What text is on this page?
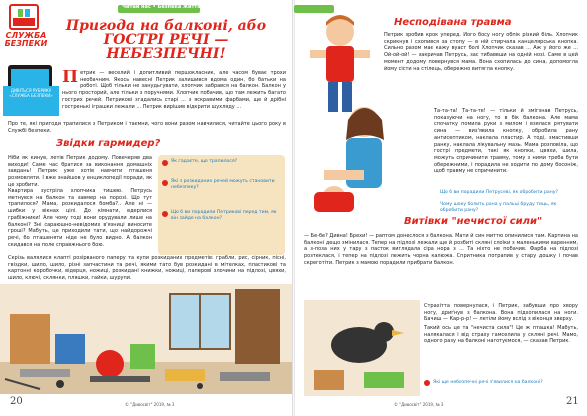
СЛУЖБА БЕЗПЕКИ
Читай нас • Безпека життя дітей на ...
Пригода на балконі, або
ГОСТРІ РЕЧІ — НЕБЕЗПЕЧНІ!
ДИВІТЬСЯ РУБРИКУ «СЛУЖБА БЕЗПЕКИ»
Петрик — веселий і допитливий першокласник, але часом буває трохи необачним. Якось навесні Петрик залишився вдома один, бо батьки на роботі. Щоб тільки не занудьгувати, хлопчик забрався на балкон. Балкон у нього просторий, але тільки з поручнями. Хлопчик побачив, що там лежить багато гострих речей. Петрикові згадались старі ... з яскравими фарбами, ще й дрібні гостренькі іграшки лежали ... Петрик вирішив відкрити шухляду ...
Про те, які пригоди трапилися з Петриком і таємни, чого вони разом навчилися, читайте цього року в Службі безпеки.
Звідки гармидер?
Ніби як кинув, летів Петрик додому. Повечеряв два виходи! Саме час братися за виконання домашніх завдань! Петрик уже хотів навчити пташеня розмовляти. І вже знайшов у енциклопедії поради, як це зробити.
Квартира зустріла хлопчика тишею. Петрусь метнувся на балкон та завмер на порозі. Що тут трапилося? Мама, розкидалося бомба?.. Але ні — шибки у вікнах цілі. До кімнати, вдерлися грабіжники! Але чому тоді вони орудували лише на балконі? Зні сараюшно-невідомих в'язниці виносите гроші? Мабуть, це приходили тати, що найдорожчі речі, бо пташеняти ніде не було видно. А балкон скидався на поле справжнього бою.
Скрізь валялися клапті розірваного паперу та купи розкиданих предметів: грабли, рис, сірник, пісні, гвіздки, шило, шило, різні запчастини та речі, якими тато був розкидані в мітелках, пластикові та картонні коробочки, відерця, ножиці, розкидані книжки, ножиці, паперові злочини на підлозі, цвяхи, шило, ключі, склянки, пляшки, гайки, шурупи.
Як гадаєте, що трапилося?
Які з розкиданих речей можуть становити небезпеку?
Що б ви порадили Петрикові перед тим, як він зайде на балкон?
20	© "Дивосвіт" 2019, № 3
Несподівана травма
Петрик зробив крок уперед. Його босу ногу обпік різкий біль. Хлопчик скрикнув і схопився за стопу — в ній стирчала канцелярська кнопка. Сильно разом має кажу вуаст болі Хлопчик сказав ... Аж у його же ... Ой-ой-ой! — закричав Петрусь, зас тибаввши на одній нозі. Саме в цей момент додому повернувся мама. Вона схопилась до сина, допомогла йому сісти на стілець, обережно витягла кнопку.
Та-та-та! Та-та-те! — тільки й змігзнав Петрусь, показуючи на ногу, то в бік балкона. Але мама спочатку помила руки з милом і взялася рятувати сина — виз'явила кнопку, обробила рану антисептиком, наклала пластир. А тоді, змастивши ранку, наклала лікувальну мазь. Мама розповіла, що гострі предмети, такі як кнопки, цвяхи, шила, можуть спричинити травму, тому з ними треба бути обережними, і порадила не ходити по дому босоніж, щоб травму не спричинити.
Що б ви порадили Петрусеві, як обробити рану?
Чому шоку болить рана у пальці бруду тиць, як обробити рану?
Витівки "нечистої сили"
— Бе-бе? Дивна! Брехи! — раптом донеслося з балкона. Мати й син миттю опинилися там. Картина на балконі дещо змінилася. Тепер на підлозі лежали ще й розбиті скляні слоїки з маленькими варенням, а з-поза них у тару з пасток виглядала сіра нора з ... Та ніхто не побачив. Фарба на підлозі розтеклася, і тепер на підлозі лежить чорна калюжа. Спритника потрапив у стару дошку і почав скреготіти. Петрик з мамою порадили прибрати балкон.
Страхітта повернулася, і Петрик, забувши про хвору ногу, дриґнув з балкона. Вона підхопилася на ноги. Бачиш — Кар-р-р! — летіли йому вслід з віконця зверху.
Такий ось це та "нечиста сила"! Це ж пташка! Мабуть, налякалася і від страху гамселила у скляні речі. Мамо, одного разу на балконі наготуємося, — сказав Петрик.
Які ще небезпечні речі з'явилися на балконі?
© "Дивосвіт" 2019, № 3	21
